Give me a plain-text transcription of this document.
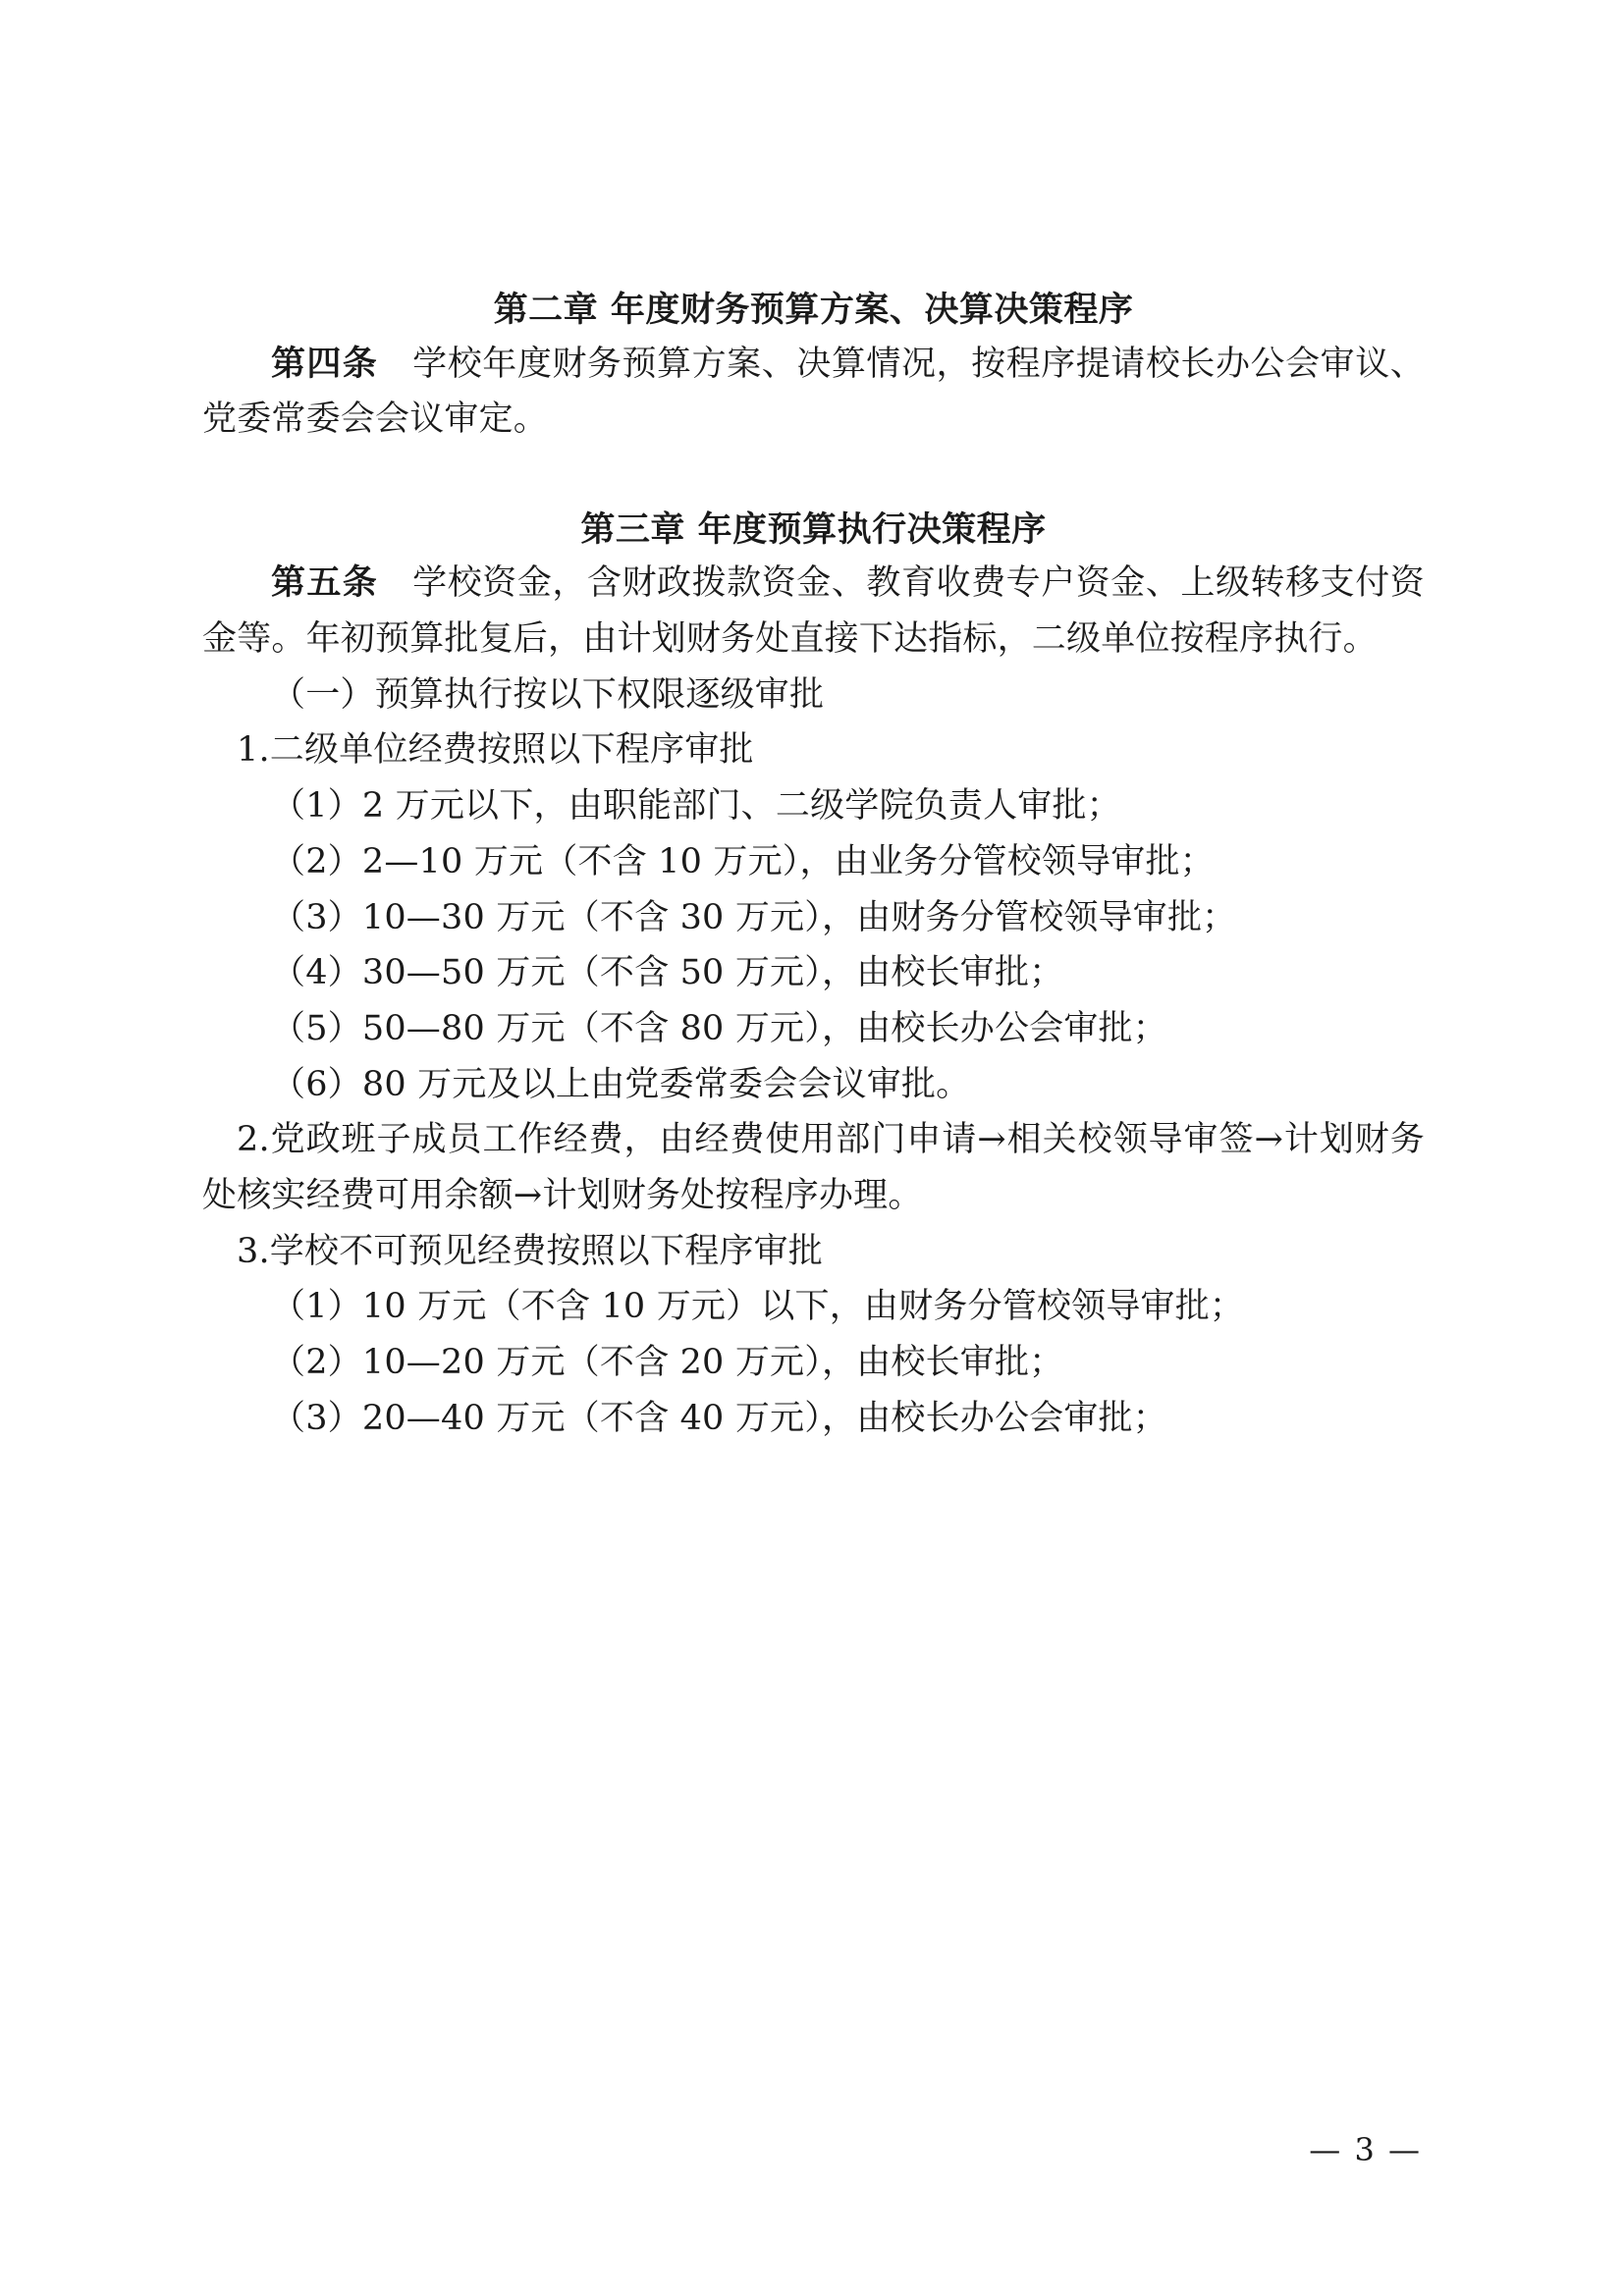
第二章 年度财务预算方案、决算决策程序

第四条 学校年度财务预算方案、决算情况，按程序提请校长办公会审议、党委常委会会议审定。

第三章 年度预算执行决策程序

第五条 学校资金，含财政拨款资金、教育收费专户资金、上级转移支付资金等。年初预算批复后，由计划财务处直接下达指标，二级单位按程序执行。

（一）预算执行按以下权限逐级审批

1.二级单位经费按照以下程序审批

（1）2 万元以下，由职能部门、二级学院负责人审批；

（2）2—10 万元（不含 10 万元），由业务分管校领导审批；

（3）10—30 万元（不含 30 万元），由财务分管校领导审批；

（4）30—50 万元（不含 50 万元），由校长审批；

（5）50—80 万元（不含 80 万元），由校长办公会审批；

（6）80 万元及以上由党委常委会会议审批。

2.党政班子成员工作经费，由经费使用部门申请→相关校领导审签→计划财务处核实经费可用余额→计划财务处按程序办理。

3.学校不可预见经费按照以下程序审批

（1）10 万元（不含 10 万元）以下，由财务分管校领导审批；

（2）10—20 万元（不含 20 万元），由校长审批；

（3）20—40 万元（不含 40 万元），由校长办公会审批；

— 3 —
